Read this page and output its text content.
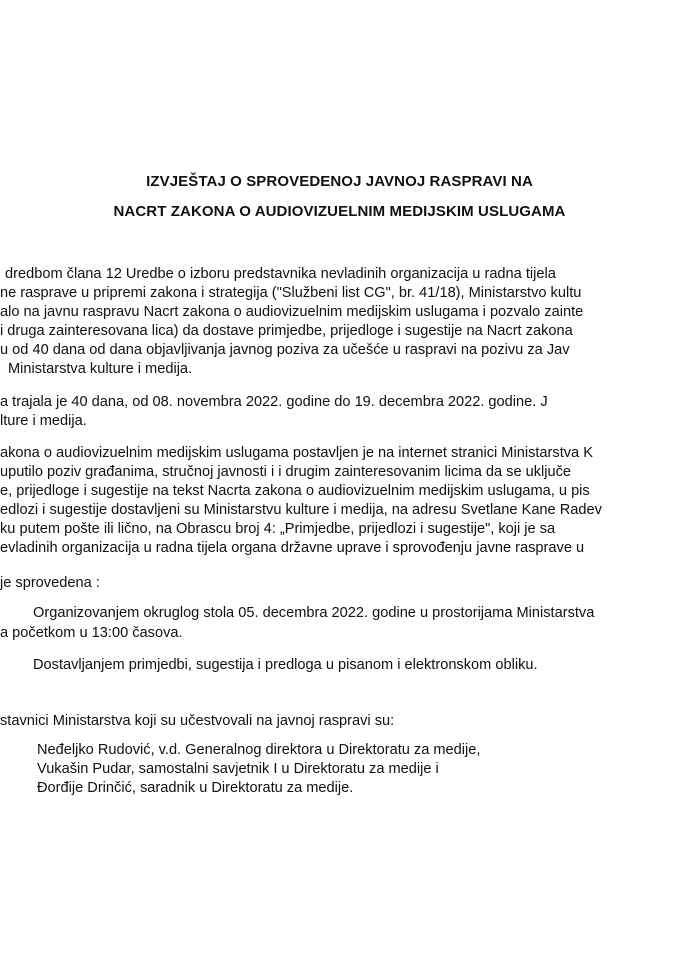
IZVJEŠTAJ O SPROVEDENOJ JAVNOJ RASPRAVI NA
NACRT ZAKONA O AUDIOVIZUELNIM MEDIJSKIM USLUGAMA
dredbom člana 12 Uredbe o izboru predstavnika nevladinih organizacija u radna tijela
ne rasprave u pripremi zakona i strategija ("Službeni list CG", br. 41/18), Ministarstvo kultu
alo na javnu raspravu Nacrt zakona o audiovizuelnim medijskim uslugama i pozvalo zainte
i druga zainteresovana lica) da dostave primjedbe, prijedloge i sugestije na Nacrt zakona
u od 40 dana od dana objavljivanja javnog poziva za učešće u raspravi na pozivu za Jav
Ministarstva kulture i medija.
a trajala je 40 dana, od 08. novembra 2022. godine do 19. decembra 2022. godine. J
lture i medija.
akona o audiovizuelnim medijskim uslugama postavljen je na internet stranici Ministarstva K
uputilo poziv građanima, stručnoj javnosti i i drugim zainteresovanim licima da se uključe
e, prijedloge i sugestije na tekst Nacrta zakona o audiovizuelnim medijskim uslugama, u pis
edlozi i sugestije dostavljeni su Ministarstvu kulture i medija, na adresu Svetlane Kane Radev
ku putem pošte ili lično, na Obrascu broj 4: „Primjedbe, prijedlozi i sugestije", koji je sa
evladinih organizacija u radna tijela organa državne uprave i sprovođenju javne rasprave u
je sprovedena :
Organizovanjem okruglog stola 05. decembra 2022. godine u prostorijama Ministarstva
a početkom u 13:00 časova.
Dostavljanjem primjedbi, sugestija i predloga u pisanom i elektronskom obliku.
stavnici Ministarstva koji su učestvovali na javnoj raspravi su:
Neđeljko Rudović, v.d. Generalnog direktora u Direktoratu za medije,
Vukašin Pudar, samostalni savjetnik I u Direktoratu za medije i
Đorđije Drinčić, saradnik u Direktoratu za medije.
